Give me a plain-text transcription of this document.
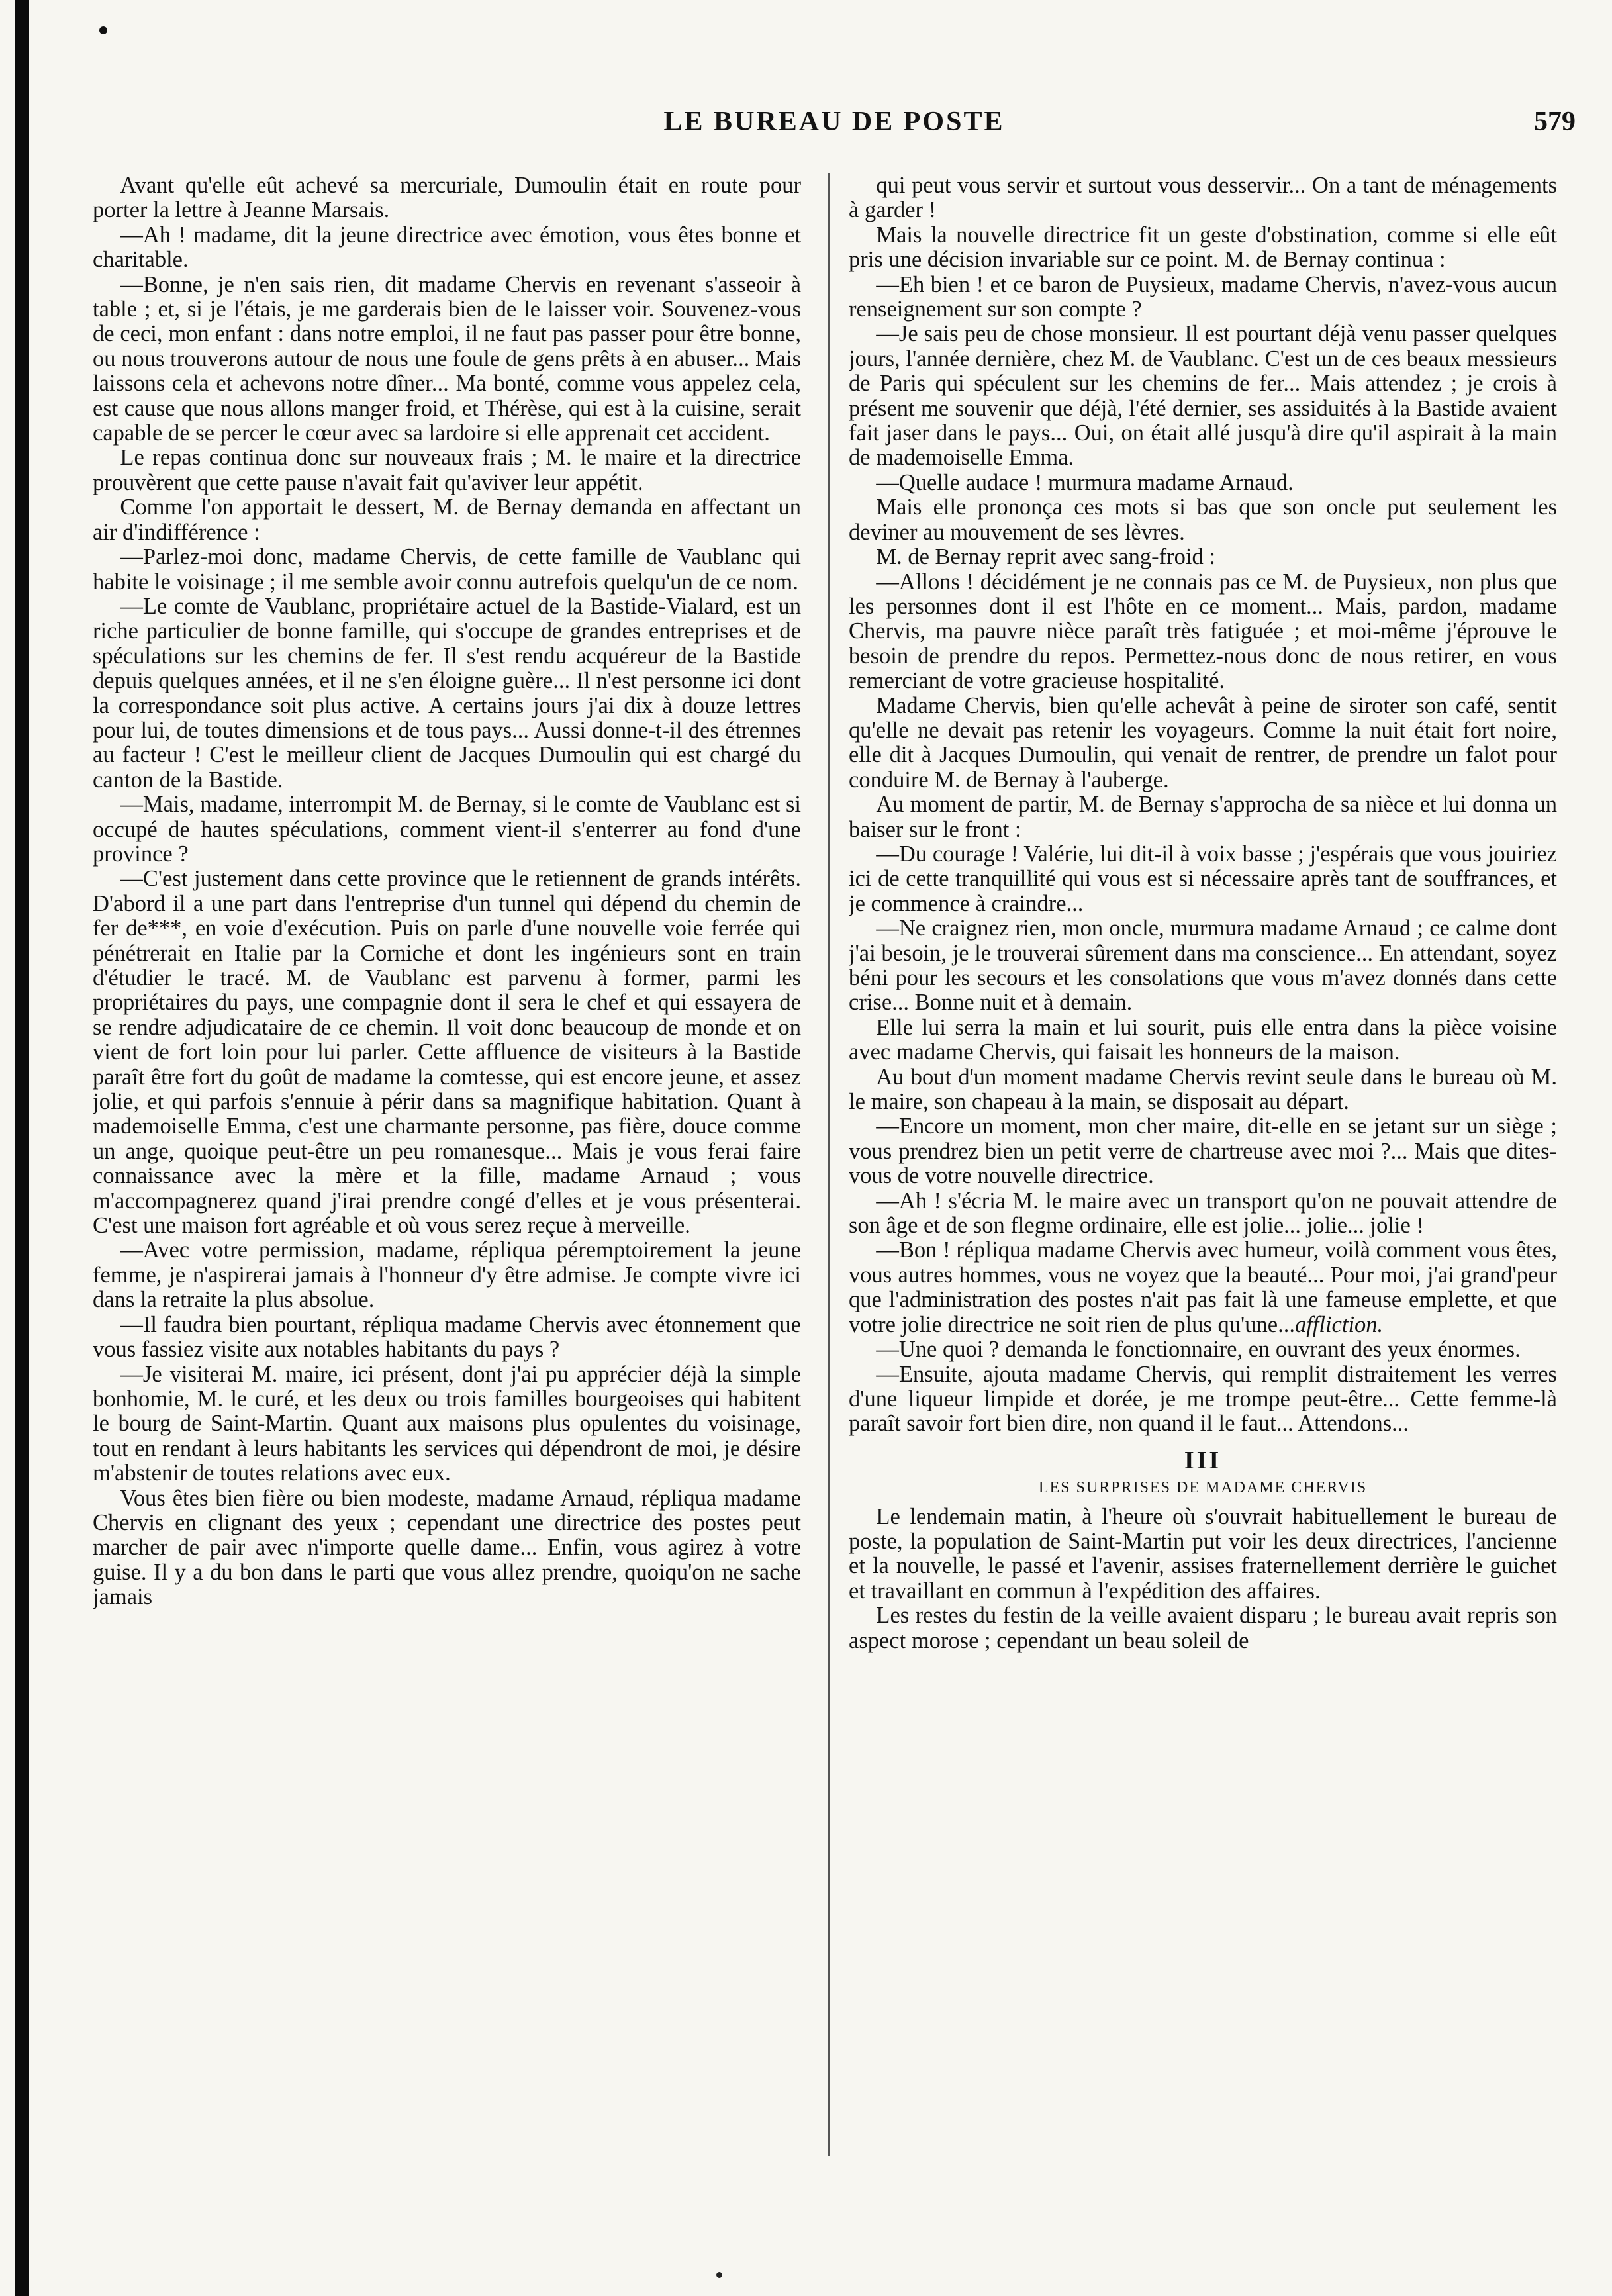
LE BUREAU DE POSTE	579

Avant qu'elle eût achevé sa mercuriale, Dumoulin était en route pour porter la lettre à Jeanne Marsais.

—Ah ! madame, dit la jeune directrice avec émotion, vous êtes bonne et charitable.

—Bonne, je n'en sais rien, dit madame Chervis en revenant s'asseoir à table ; et, si je l'étais, je me garderais bien de le laisser voir. Souvenez-vous de ceci, mon enfant : dans notre emploi, il ne faut pas passer pour être bonne, ou nous trouverons autour de nous une foule de gens prêts à en abuser... Mais laissons cela et achevons notre dîner... Ma bonté, comme vous appelez cela, est cause que nous allons manger froid, et Thérèse, qui est à la cuisine, serait capable de se percer le cœur avec sa lardoire si elle apprenait cet accident.

Le repas continua donc sur nouveaux frais ; M. le maire et la directrice prouvèrent que cette pause n'avait fait qu'aviver leur appétit.

Comme l'on apportait le dessert, M. de Bernay demanda en affectant un air d'indifférence :

—Parlez-moi donc, madame Chervis, de cette famille de Vaublanc qui habite le voisinage ; il me semble avoir connu autrefois quelqu'un de ce nom.

—Le comte de Vaublanc, propriétaire actuel de la Bastide-Vialard, est un riche particulier de bonne famille, qui s'occupe de grandes entreprises et de spéculations sur les chemins de fer. Il s'est rendu acquéreur de la Bastide depuis quelques années, et il ne s'en éloigne guère... Il n'est personne ici dont la correspondance soit plus active. A certains jours j'ai dix à douze lettres pour lui, de toutes dimensions et de tous pays... Aussi donne-t-il des étrennes au facteur ! C'est le meilleur client de Jacques Dumoulin qui est chargé du canton de la Bastide.

—Mais, madame, interrompit M. de Bernay, si le comte de Vaublanc est si occupé de hautes spéculations, comment vient-il s'enterrer au fond d'une province ?

—C'est justement dans cette province que le retiennent de grands intérêts. D'abord il a une part dans l'entreprise d'un tunnel qui dépend du chemin de fer de***, en voie d'exécution. Puis on parle d'une nouvelle voie ferrée qui pénétrerait en Italie par la Corniche et dont les ingénieurs sont en train d'étudier le tracé. M. de Vaublanc est parvenu à former, parmi les propriétaires du pays, une compagnie dont il sera le chef et qui essayera de se rendre adjudicataire de ce chemin. Il voit donc beaucoup de monde et on vient de fort loin pour lui parler. Cette affluence de visiteurs à la Bastide paraît être fort du goût de madame la comtesse, qui est encore jeune, et assez jolie, et qui parfois s'ennuie à périr dans sa magnifique habitation. Quant à mademoiselle Emma, c'est une charmante personne, pas fière, douce comme un ange, quoique peut-être un peu romanesque... Mais je vous ferai faire connaissance avec la mère et la fille, madame Arnaud ; vous m'accompagnerez quand j'irai prendre congé d'elles et je vous présenterai. C'est une maison fort agréable et où vous serez reçue à merveille.

—Avec votre permission, madame, répliqua péremptoirement la jeune femme, je n'aspirerai jamais à l'honneur d'y être admise. Je compte vivre ici dans la retraite la plus absolue.

—Il faudra bien pourtant, répliqua madame Chervis avec étonnement que vous fassiez visite aux notables habitants du pays ?

—Je visiterai M. maire, ici présent, dont j'ai pu apprécier déjà la simple bonhomie, M. le curé, et les deux ou trois familles bourgeoises qui habitent le bourg de Saint-Martin. Quant aux maisons plus opulentes du voisinage, tout en rendant à leurs habitants les services qui dépendront de moi, je désire m'abstenir de toutes relations avec eux.

Vous êtes bien fière ou bien modeste, madame Arnaud, répliqua madame Chervis en clignant des yeux ; cependant une directrice des postes peut marcher de pair avec n'importe quelle dame... Enfin, vous agirez à votre guise. Il y a du bon dans le parti que vous allez prendre, quoiqu'on ne sache jamais

qui peut vous servir et surtout vous desservir... On a tant de ménagements à garder !

Mais la nouvelle directrice fit un geste d'obstination, comme si elle eût pris une décision invariable sur ce point. M. de Bernay continua :

—Eh bien ! et ce baron de Puysieux, madame Chervis, n'avez-vous aucun renseignement sur son compte ?

—Je sais peu de chose monsieur. Il est pourtant déjà venu passer quelques jours, l'année dernière, chez M. de Vaublanc. C'est un de ces beaux messieurs de Paris qui spéculent sur les chemins de fer... Mais attendez ; je crois à présent me souvenir que déjà, l'été dernier, ses assiduités à la Bastide avaient fait jaser dans le pays... Oui, on était allé jusqu'à dire qu'il aspirait à la main de mademoiselle Emma.

—Quelle audace ! murmura madame Arnaud.

Mais elle prononça ces mots si bas que son oncle put seulement les deviner au mouvement de ses lèvres.

M. de Bernay reprit avec sang-froid :

—Allons ! décidément je ne connais pas ce M. de Puysieux, non plus que les personnes dont il est l'hôte en ce moment... Mais, pardon, madame Chervis, ma pauvre nièce paraît très fatiguée ; et moi-même j'éprouve le besoin de prendre du repos. Permettez-nous donc de nous retirer, en vous remerciant de votre gracieuse hospitalité.

Madame Chervis, bien qu'elle achevât à peine de siroter son café, sentit qu'elle ne devait pas retenir les voyageurs. Comme la nuit était fort noire, elle dit à Jacques Dumoulin, qui venait de rentrer, de prendre un falot pour conduire M. de Bernay à l'auberge.

Au moment de partir, M. de Bernay s'approcha de sa nièce et lui donna un baiser sur le front :

—Du courage ! Valérie, lui dit-il à voix basse ; j'espérais que vous jouiriez ici de cette tranquillité qui vous est si nécessaire après tant de souffrances, et je commence à craindre...

—Ne craignez rien, mon oncle, murmura madame Arnaud ; ce calme dont j'ai besoin, je le trouverai sûrement dans ma conscience... En attendant, soyez béni pour les secours et les consolations que vous m'avez donnés dans cette crise... Bonne nuit et à demain.

Elle lui serra la main et lui sourit, puis elle entra dans la pièce voisine avec madame Chervis, qui faisait les honneurs de la maison.

Au bout d'un moment madame Chervis revint seule dans le bureau où M. le maire, son chapeau à la main, se disposait au départ.

—Encore un moment, mon cher maire, dit-elle en se jetant sur un siège ; vous prendrez bien un petit verre de chartreuse avec moi ?... Mais que dites-vous de votre nouvelle directrice.

—Ah ! s'écria M. le maire avec un transport qu'on ne pouvait attendre de son âge et de son flegme ordinaire, elle est jolie... jolie... jolie !

—Bon ! répliqua madame Chervis avec humeur, voilà comment vous êtes, vous autres hommes, vous ne voyez que la beauté... Pour moi, j'ai grand'peur que l'administration des postes n'ait pas fait là une fameuse emplette, et que votre jolie directrice ne soit rien de plus qu'une...affliction.

—Une quoi ? demanda le fonctionnaire, en ouvrant des yeux énormes.

—Ensuite, ajouta madame Chervis, qui remplit distraitement les verres d'une liqueur limpide et dorée, je me trompe peut-être... Cette femme-là paraît savoir fort bien dire, non quand il le faut... Attendons...

III
LES SURPRISES DE MADAME CHERVIS

Le lendemain matin, à l'heure où s'ouvrait habituellement le bureau de poste, la population de Saint-Martin put voir les deux directrices, l'ancienne et la nouvelle, le passé et l'avenir, assises fraternellement derrière le guichet et travaillant en commun à l'expédition des affaires.

Les restes du festin de la veille avaient disparu ; le bureau avait repris son aspect morose ; cependant un beau soleil de
